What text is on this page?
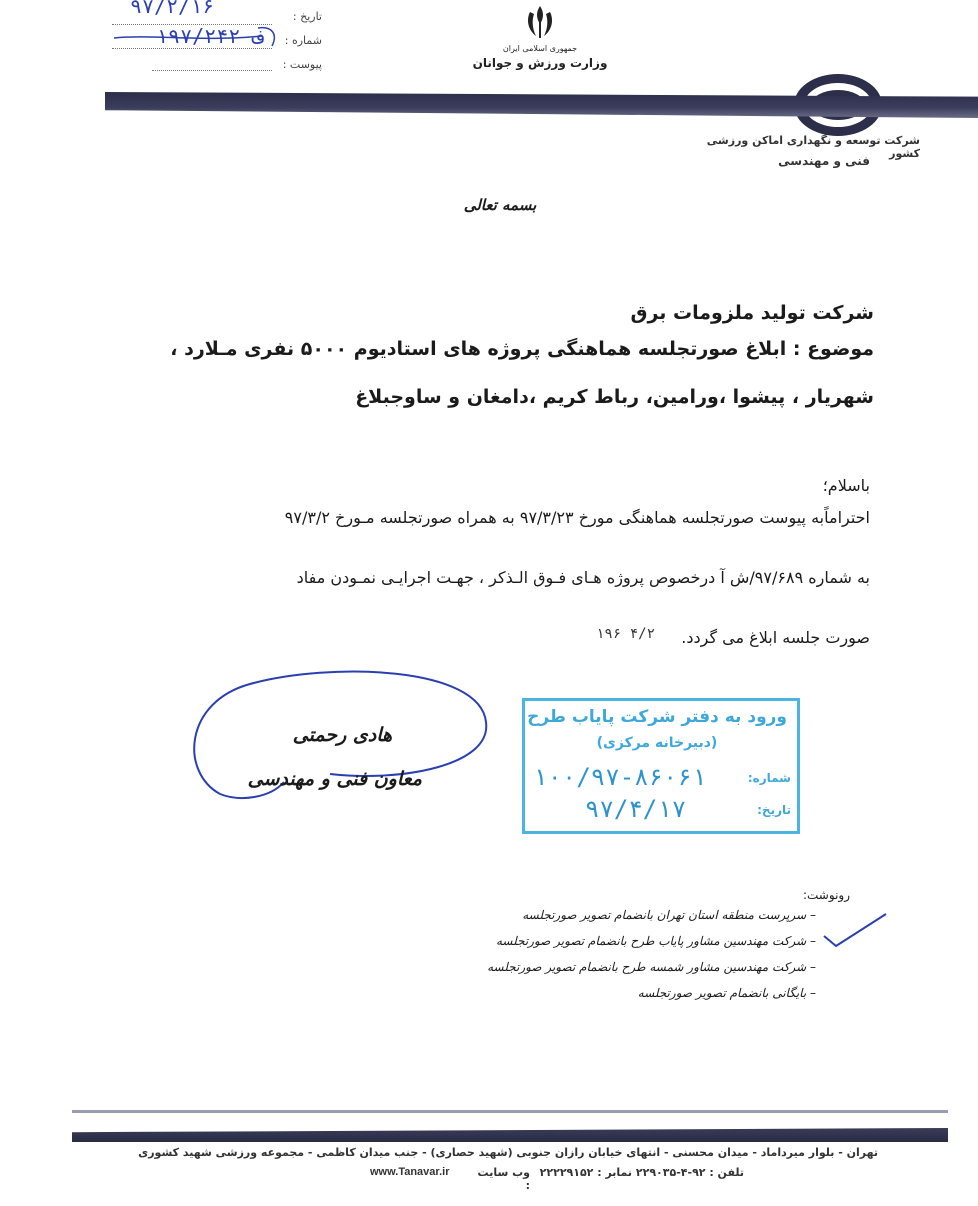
۹۷/۲/۱۶	تاریخ :
۱۹۷/۲۴۲ ف شماره :
پیوست :
جمهوری اسلامی ایران
وزارت ورزش و جوانان
شرکت توسعه و نگهداری اماکن ورزشی کشور
فنی و مهندسی
بسمه تعالی
شرکت تولید ملزومات برق
موضوع : ابلاغ صورتجلسه هماهنگی پروژه های استادیوم ۵۰۰۰ نفری مـلارد ،
شهریار ، پیشوا ،ورامین، رباط کریم ،دامغان و ساوجبلاغ
باسلام؛
احتراماًبه پیوست صورتجلسه هماهنگی مورخ ۹۷/۳/۲۳ به همراه صورتجلسه مـورخ ۹۷/۳/۲
به شماره ۹۷/۶۸۹/ش آ درخصوص پروژه هـای فـوق الـذکر ، جهـت اجرایـی نمـودن مفاد
صورت جلسه ابلاغ می گردد.
۱۹۶ ۴/۲
هادی رحمتی
معاون فنی و مهندسی
ورود به دفتر شرکت پایاب طرح
(دبیرخانه مرکزی)
شماره:
۱۰۰/۹۷-۸۶۰۶۱
تاریخ:
۹۷/۴/۱۷
رونوشت:
– سرپرست منطقه استان تهران بانضمام تصویر صورتجلسه
– شرکت مهندسین مشاور پایاب طرح بانضمام تصویر صورتجلسه
– شرکت مهندسین مشاور شمسه طرح بانضمام تصویر صورتجلسه
– بایگانی بانضمام تصویر صورتجلسه
تهران - بلوار میرداماد - میدان محسنی - انتهای خیابان رازان جنوبی (شهید حصاری) - جنب میدان کاظمی - مجموعه ورزشی شهید کشوری
تلفن : ۹۲-۴-۲۲۹۰۳۵ نمابر : ۲۲۲۲۹۱۵۲
وب سایت :
www.Tanavar.ir
